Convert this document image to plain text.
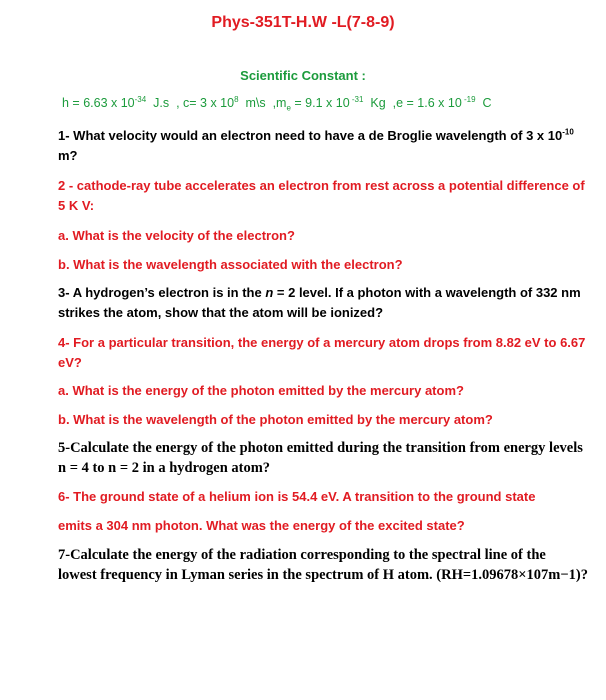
Phys-351T-H.W -L(7-8-9)
Scientific Constant :
h = 6.63 x $10^{-34}$  J.s  , c= 3 x $10^8$  m\s  $,m_e = 9.1$ x 10 $^{-31}$  Kg  ,e = 1.6 x 10 $^{-19}$  C
1- What velocity would an electron need to have a de Broglie wavelength of 3 x $10^{-10}$ m?
2 - cathode-ray tube accelerates an electron from rest across a potential difference of 5 K V:
a. What is the velocity of the electron?
b. What is the wavelength associated with the electron?
3- A hydrogen’s electron is in the n = 2 level. If a photon with a wavelength of 332 nm strikes the atom, show that the atom will be ionized?
4- For a particular transition, the energy of a mercury atom drops from 8.82 eV to 6.67 eV?
a. What is the energy of the photon emitted by the mercury atom?
b. What is the wavelength of the photon emitted by the mercury atom?
5-Calculate the energy of the photon emitted during the transition from energy levels n = 4 to n = 2 in a hydrogen atom?
6- The ground state of a helium ion is 54.4 eV. A transition to the ground state
emits a 304 nm photon. What was the energy of the excited state?
7-Calculate the energy of the radiation corresponding to the spectral line of the lowest frequency in Lyman series in the spectrum of H atom. (RH=1.09678×107m−1)?
